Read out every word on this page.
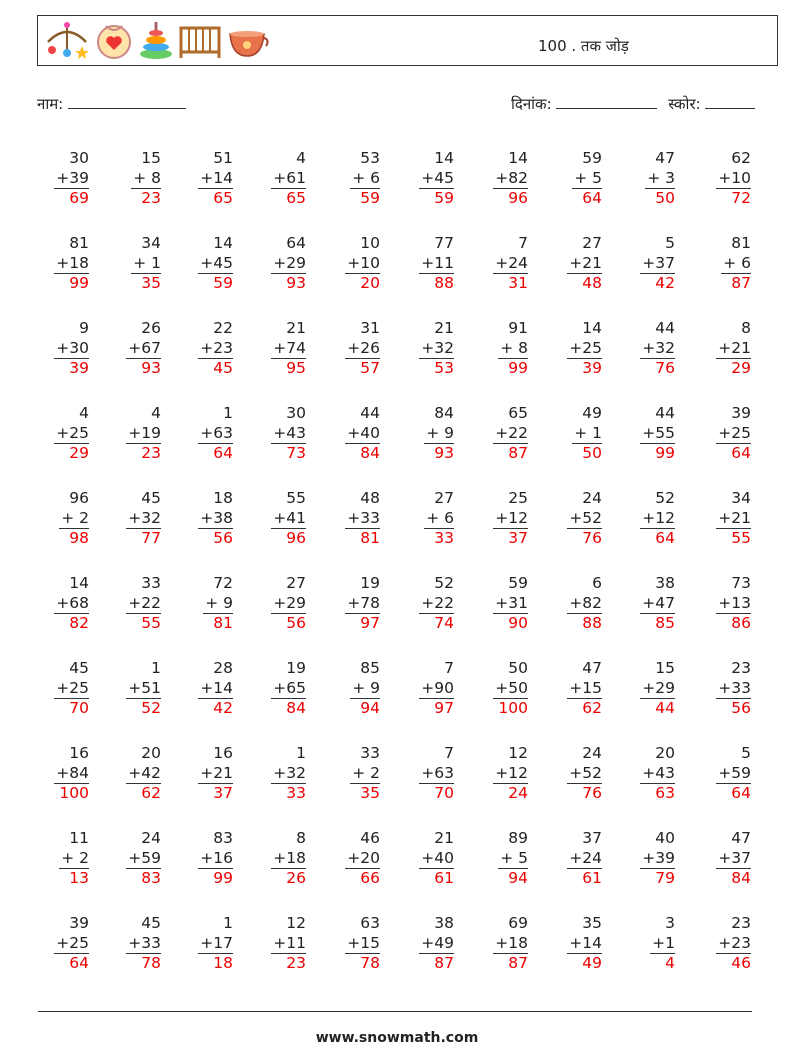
100 . तक जोड़
नाम:	दिनांक:	स्कोर:
30
+39
69
15
+ 8
23
51
+14
65
4
+61
65
53
+ 6
59
14
+45
59
14
+82
96
59
+ 5
64
47
+ 3
50
62
+10
72
81
+18
99
34
+ 1
35
14
+45
59
64
+29
93
10
+10
20
77
+11
88
7
+24
31
27
+21
48
5
+37
42
81
+ 6
87
9
+30
39
26
+67
93
22
+23
45
21
+74
95
31
+26
57
21
+32
53
91
+ 8
99
14
+25
39
44
+32
76
8
+21
29
4
+25
29
4
+19
23
1
+63
64
30
+43
73
44
+40
84
84
+ 9
93
65
+22
87
49
+ 1
50
44
+55
99
39
+25
64
96
+ 2
98
45
+32
77
18
+38
56
55
+41
96
48
+33
81
27
+ 6
33
25
+12
37
24
+52
76
52
+12
64
34
+21
55
14
+68
82
33
+22
55
72
+ 9
81
27
+29
56
19
+78
97
52
+22
74
59
+31
90
6
+82
88
38
+47
85
73
+13
86
45
+25
70
1
+51
52
28
+14
42
19
+65
84
85
+ 9
94
7
+90
97
50
+50
100
47
+15
62
15
+29
44
23
+33
56
16
+84
100
20
+42
62
16
+21
37
1
+32
33
33
+ 2
35
7
+63
70
12
+12
24
24
+52
76
20
+43
63
5
+59
64
11
+ 2
13
24
+59
83
83
+16
99
8
+18
26
46
+20
66
21
+40
61
89
+ 5
94
37
+24
61
40
+39
79
47
+37
84
39
+25
64
45
+33
78
1
+17
18
12
+11
23
63
+15
78
38
+49
87
69
+18
87
35
+14
49
3
+1
4
23
+23
46
www.snowmath.com
